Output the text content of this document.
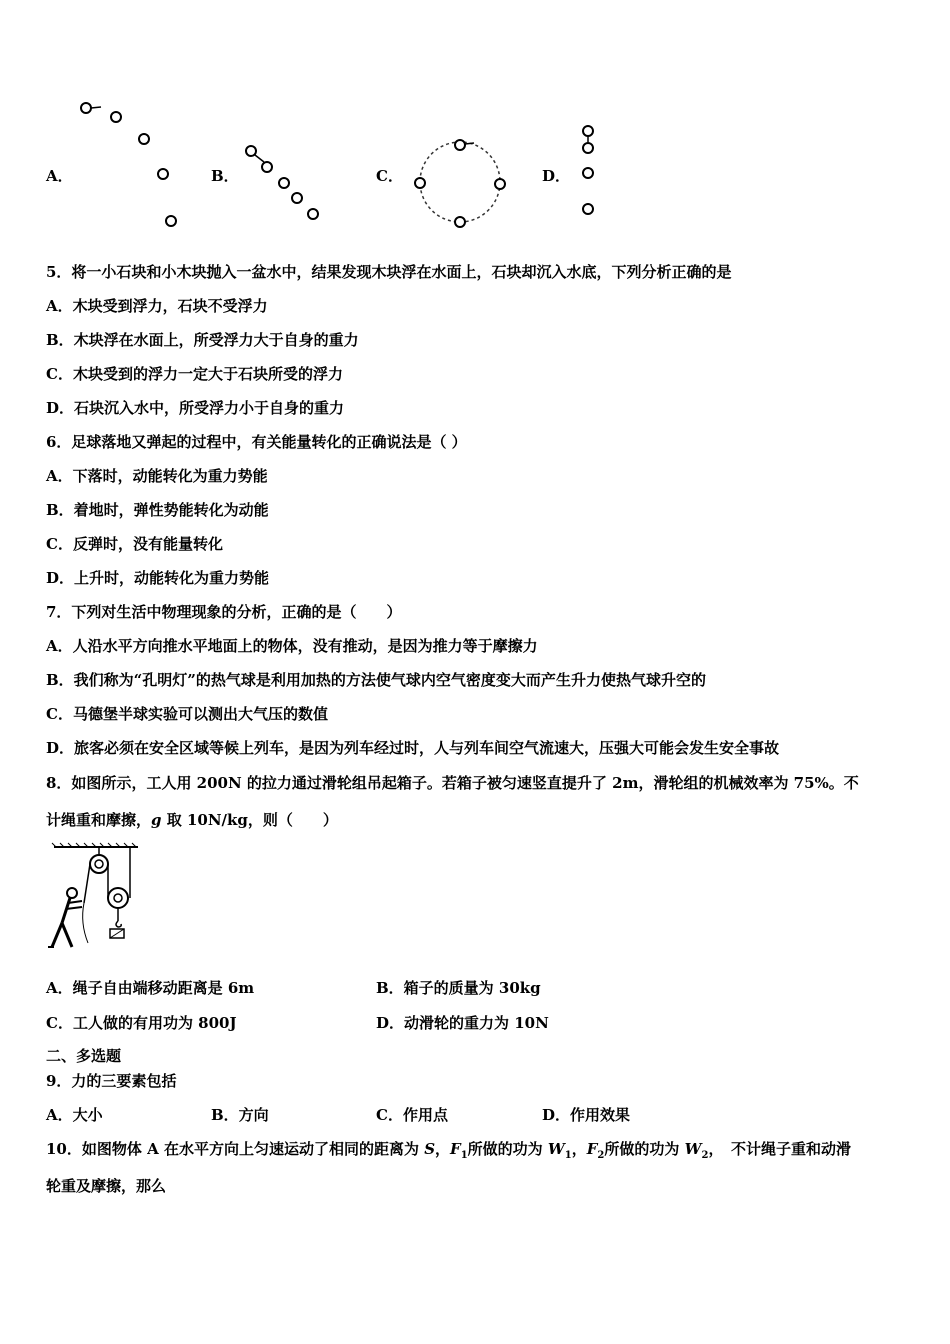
A．	B．	C．	D．
5．将一小石块和小木块抛入一盆水中，结果发现木块浮在水面上，石块却沉入水底，下列分析正确的是
A．木块受到浮力，石块不受浮力
B．木块浮在水面上，所受浮力大于自身的重力
C．木块受到的浮力一定大于石块所受的浮力
D．石块沉入水中，所受浮力小于自身的重力
6．足球落地又弹起的过程中，有关能量转化的正确说法是（ ）
A．下落时，动能转化为重力势能
B．着地时，弹性势能转化为动能
C．反弹时，没有能量转化
D．上升时，动能转化为重力势能
7．下列对生活中物理现象的分析，正确的是（　　）
A．人沿水平方向推水平地面上的物体，没有推动，是因为推力等于摩擦力
B．我们称为“孔明灯”的热气球是利用加热的方法使气球内空气密度变大而产生升力使热气球升空的
C．马德堡半球实验可以测出大气压的数值
D．旅客必须在安全区域等候上列车，是因为列车经过时，人与列车间空气流速大，压强大可能会发生安全事故
8．如图所示，工人用 200N 的拉力通过滑轮组吊起箱子。若箱子被匀速竖直提升了 2m，滑轮组的机械效率为 75%。不
计绳重和摩擦，g 取 10N/kg，则（　　）
A．绳子自由端移动距离是 6m	B．箱子的质量为 30kg
C．工人做的有用功为 800J	D．动滑轮的重力为 10N
二、多选题
9．力的三要素包括
A．大小	B．方向	C．作用点	D．作用效果
10．如图物体 A 在水平方向上匀速运动了相同的距离为 S，$F_1$所做的功为 $W_1$，$F_2$所做的功为 $W_2$，　不计绳子重和动滑
轮重及摩擦，那么
